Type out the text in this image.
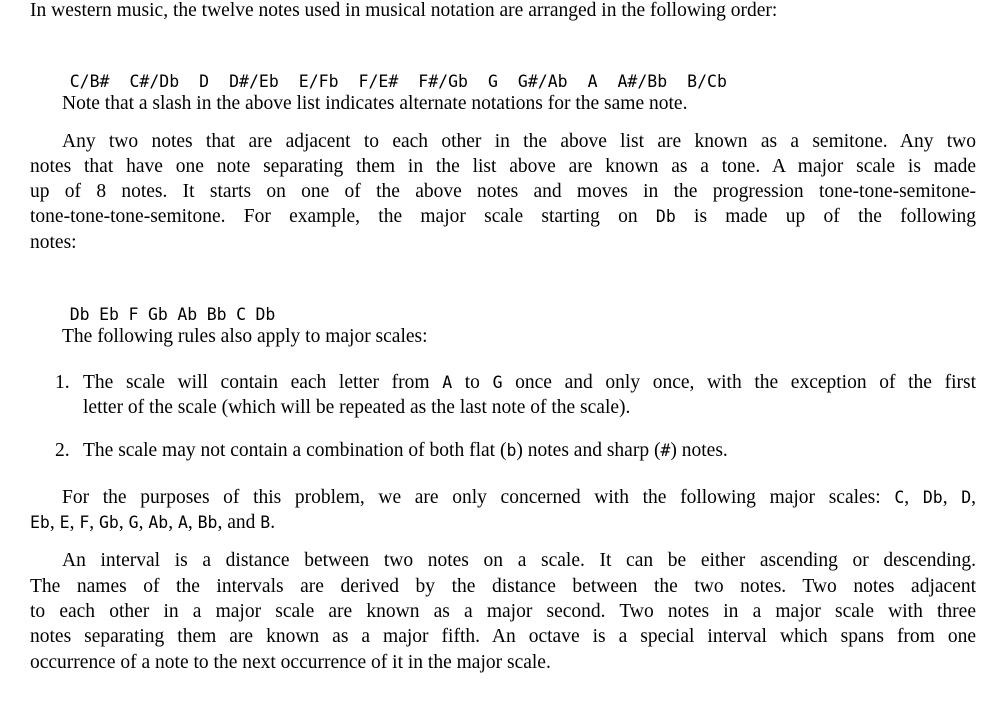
In western music, the twelve notes used in musical notation are arranged in the following order:

C/B# C#/Db D D#/Eb E/Fb F/E# F#/Gb G G#/Ab A A#/Bb B/Cb

Note that a slash in the above list indicates alternate notations for the same note.
Any two notes that are adjacent to each other in the above list are known as a semitone. Any two
notes that have one note separating them in the list above are known as a tone. A major scale is made
up of 8 notes. It starts on one of the above notes and moves in the progression tone-tone-semitone-
tone-tone-tone-semitone. For example, the major scale starting on Db is made up of the following
notes:

Db Eb F Gb Ab Bb C Db

The following rules also apply to major scales:
1. The scale will contain each letter from A to G once and only once, with the exception of the first
letter of the scale (which will be repeated as the last note of the scale).
2. The scale may not contain a combination of both flat (b) notes and sharp (#) notes.
For the purposes of this problem, we are only concerned with the following major scales: C, Db, D,
Eb, E, F, Gb, G, Ab, A, Bb, and B.
An interval is a distance between two notes on a scale. It can be either ascending or descending.
The names of the intervals are derived by the distance between the two notes. Two notes adjacent
to each other in a major scale are known as a major second. Two notes in a major scale with three
notes separating them are known as a major fifth. An octave is a special interval which spans from one
occurrence of a note to the next occurrence of it in the major scale.
